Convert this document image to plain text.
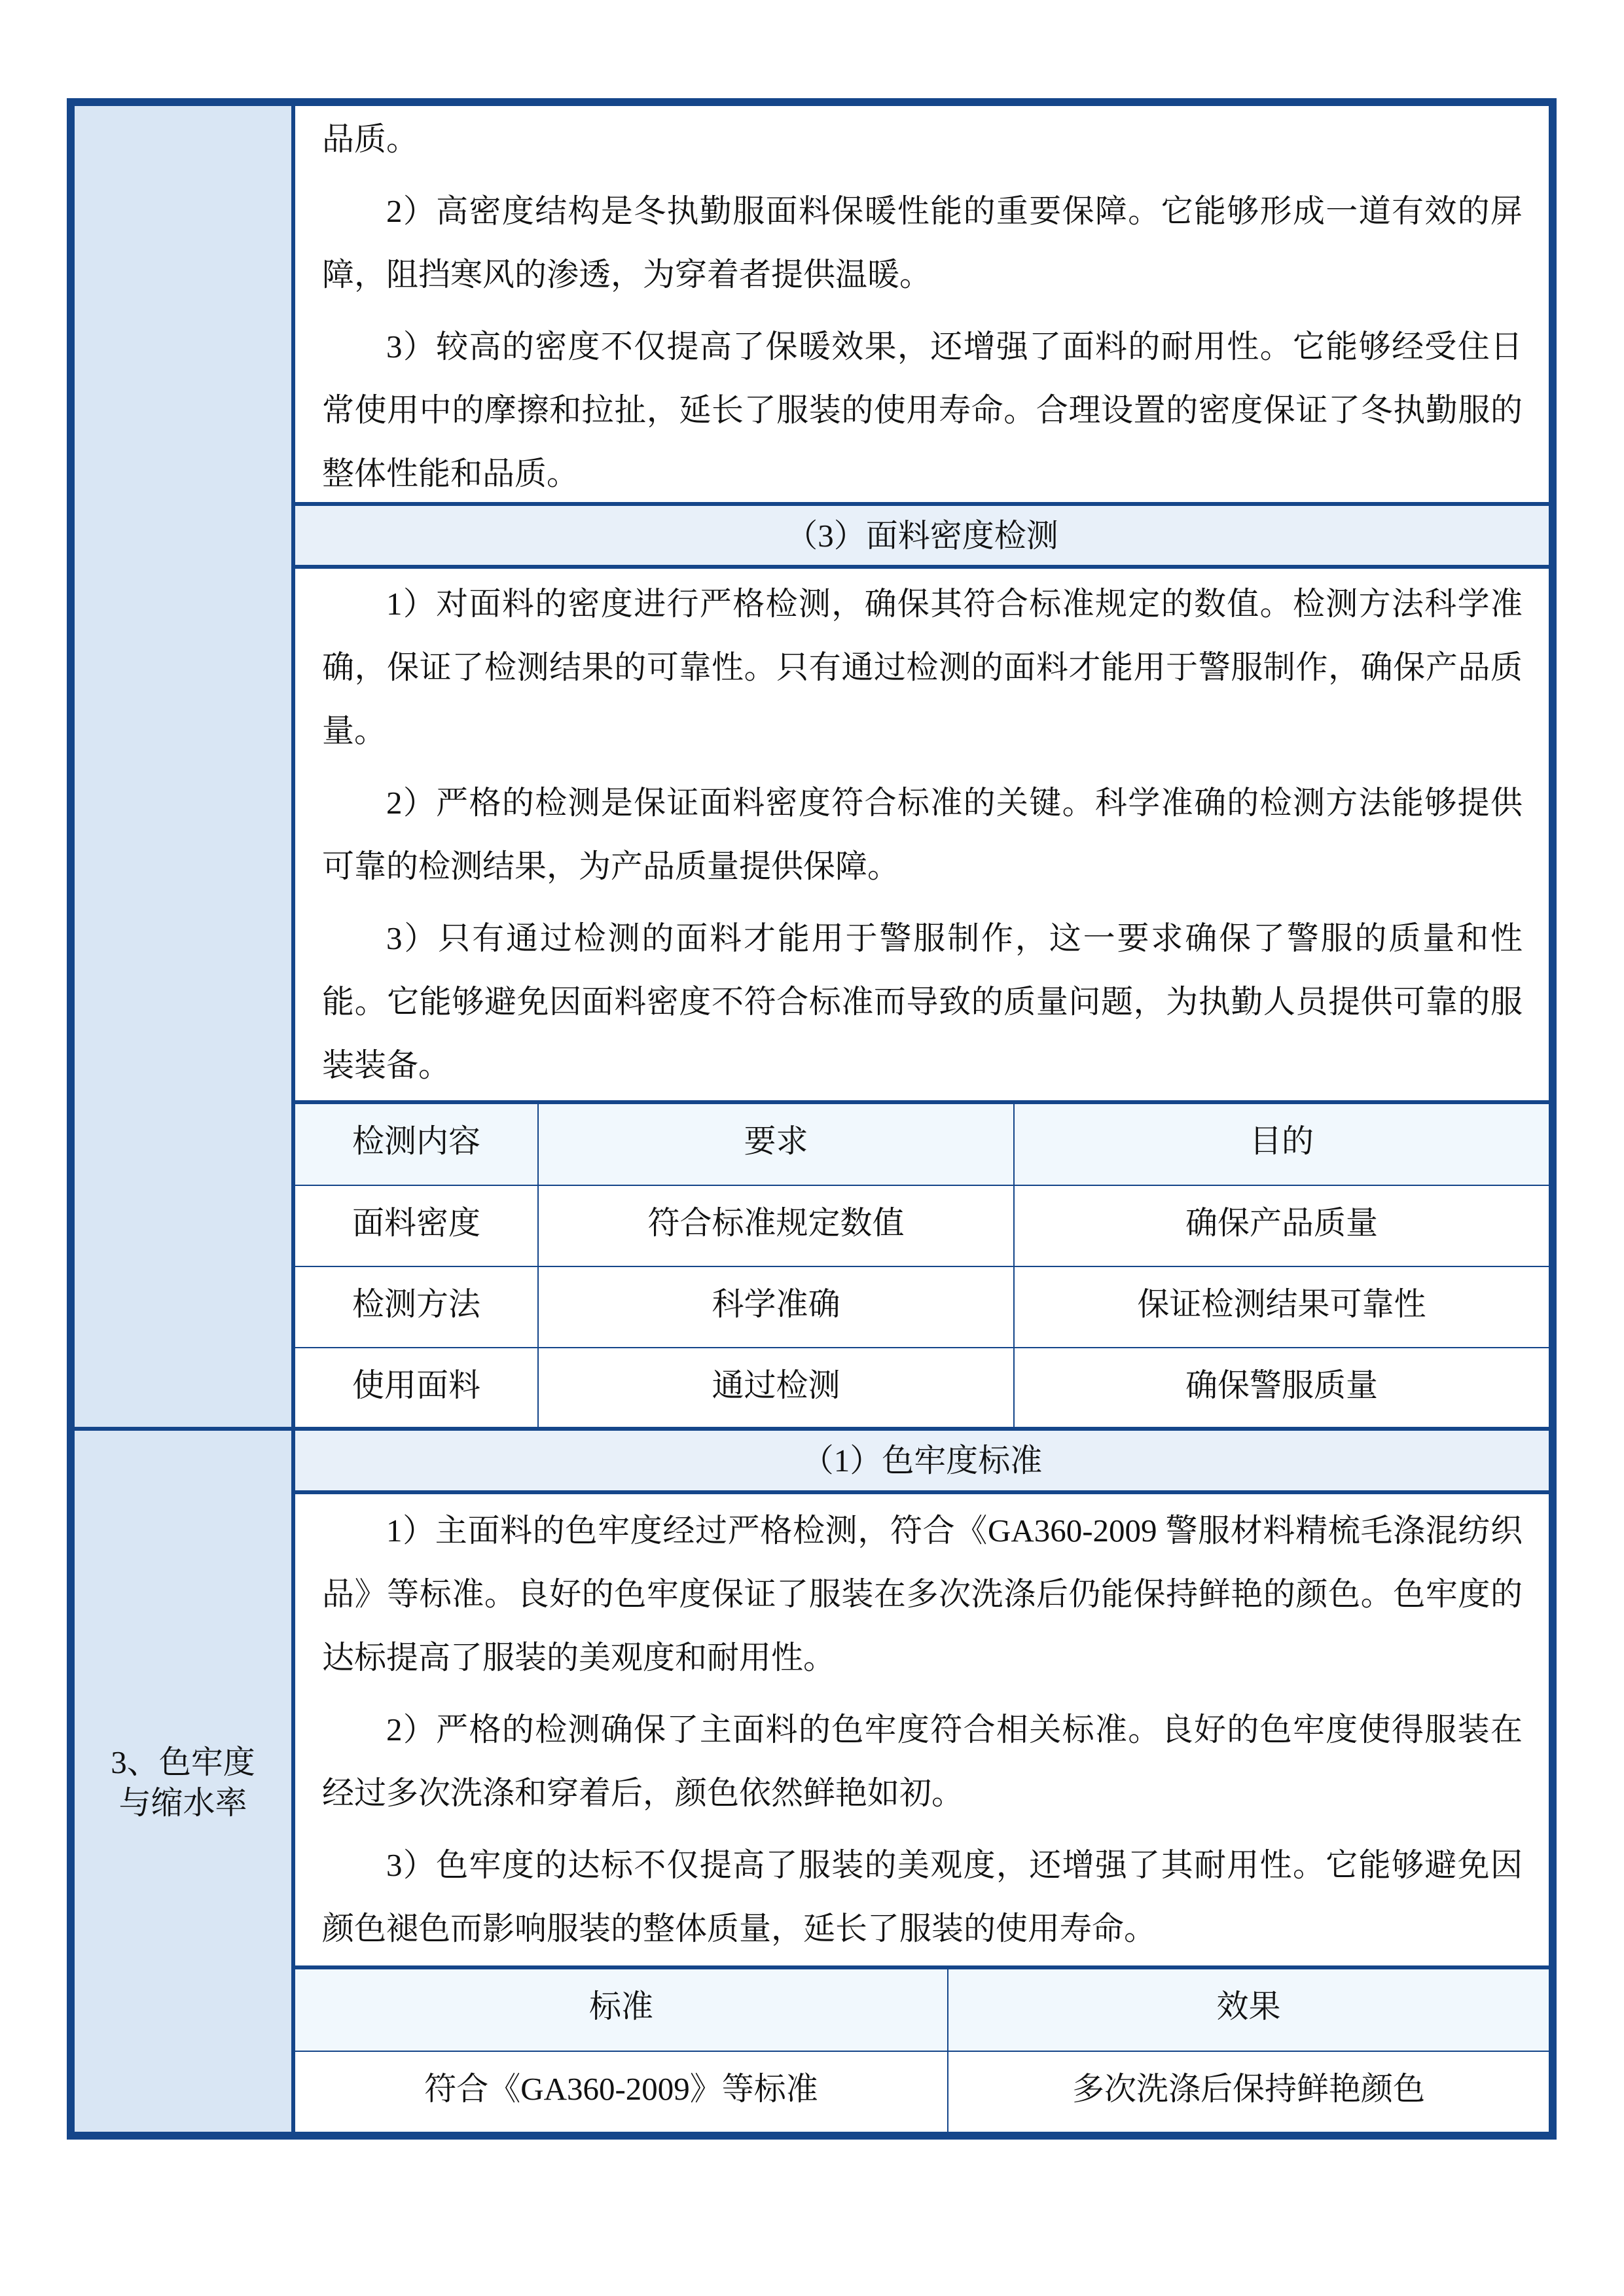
3、色牢度
与缩水率

品质。

2）高密度结构是冬执勤服面料保暖性能的重要保障。它能够形成一道有效的屏障，阻挡寒风的渗透，为穿着者提供温暖。

3）较高的密度不仅提高了保暖效果，还增强了面料的耐用性。它能够经受住日常使用中的摩擦和拉扯，延长了服装的使用寿命。合理设置的密度保证了冬执勤服的整体性能和品质。

（3）面料密度检测

1）对面料的密度进行严格检测，确保其符合标准规定的数值。检测方法科学准确，保证了检测结果的可靠性。只有通过检测的面料才能用于警服制作，确保产品质量。

2）严格的检测是保证面料密度符合标准的关键。科学准确的检测方法能够提供可靠的检测结果，为产品质量提供保障。

3）只有通过检测的面料才能用于警服制作，这一要求确保了警服的质量和性能。它能够避免因面料密度不符合标准而导致的质量问题，为执勤人员提供可靠的服装装备。

检测内容	要求	目的
面料密度	符合标准规定数值	确保产品质量
检测方法	科学准确	保证检测结果可靠性
使用面料	通过检测	确保警服质量
（1）色牢度标准

1）主面料的色牢度经过严格检测，符合《GA360-2009 警服材料精梳毛涤混纺织品》等标准。良好的色牢度保证了服装在多次洗涤后仍能保持鲜艳的颜色。色牢度的达标提高了服装的美观度和耐用性。

2）严格的检测确保了主面料的色牢度符合相关标准。良好的色牢度使得服装在经过多次洗涤和穿着后，颜色依然鲜艳如初。

3）色牢度的达标不仅提高了服装的美观度，还增强了其耐用性。它能够避免因颜色褪色而影响服装的整体质量，延长了服装的使用寿命。

标准	效果
符合《GA360-2009》等标准	多次洗涤后保持鲜艳颜色
